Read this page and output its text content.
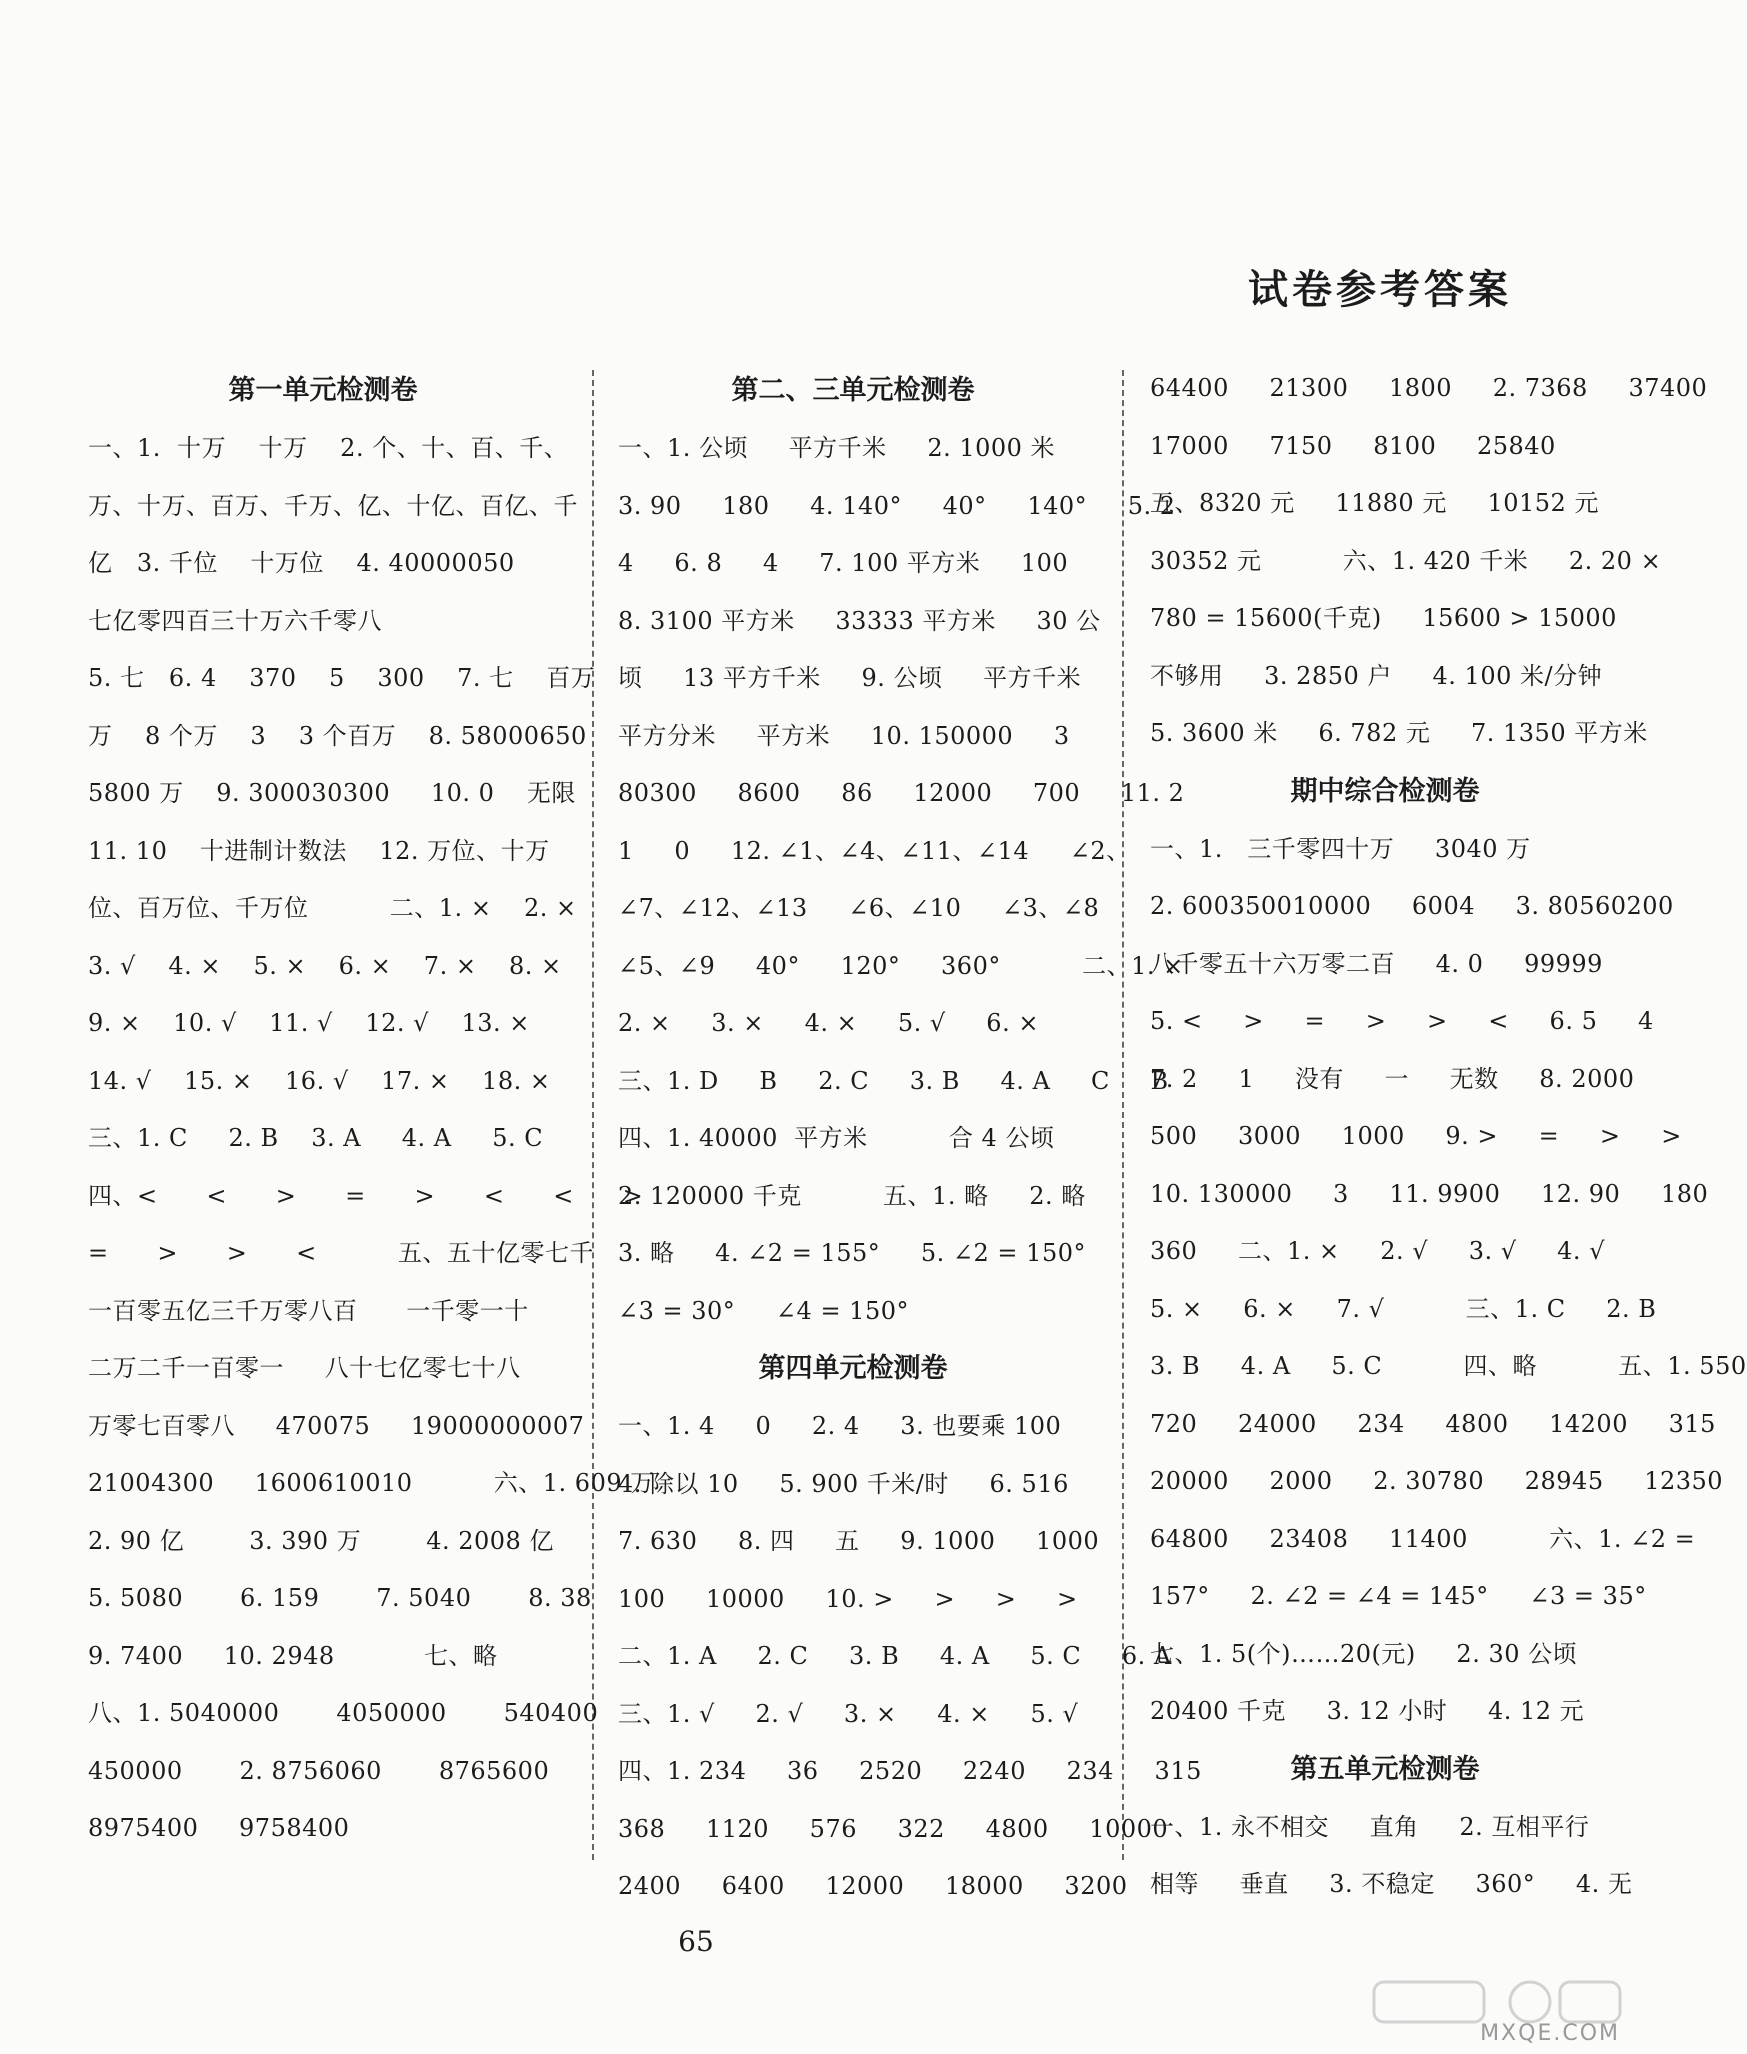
试卷参考答案
第一单元检测卷
一、1.  十万    十万    2. 个、十、百、千、
万、十万、百万、千万、亿、十亿、百亿、千
亿   3. 千位    十万位    4. 40000050
七亿零四百三十万六千零八
5. 七   6. 4    370    5    300    7. 七    百万
万    8 个万    3    3 个百万    8. 58000650
5800 万    9. 300030300     10. 0    无限
11. 10    十进制计数法    12. 万位、十万
位、百万位、千万位          二、1. ×    2. ×
3. √    4. ×    5. ×    6. ×    7. ×    8. ×
9. ×    10. √    11. √    12. √    13. ×
14. √    15. ×    16. √    17. ×    18. ×
三、1. C     2. B    3. A     4. A     5. C
四、<      <      >      =      >      <      <      >
=      >      >      <          五、五十亿零七千
一百零五亿三千万零八百      一千零一十
二万二千一百零一     八十七亿零七十八
万零七百零八     470075     19000000007
21004300     1600610010          六、1. 609 万
2. 90 亿        3. 390 万        4. 2008 亿
5. 5080       6. 159       7. 5040       8. 38
9. 7400     10. 2948           七、略
八、1. 5040000       4050000       540400
450000       2. 8756060       8765600
8975400     9758400
第二、三单元检测卷
一、1. 公顷     平方千米     2. 1000 米
3. 90     180     4. 140°     40°     140°     5. 2
4     6. 8     4     7. 100 平方米     100
8. 3100 平方米     33333 平方米     30 公
顷     13 平方千米     9. 公顷     平方千米
平方分米     平方米     10. 150000     3
80300     8600     86     12000     700     11. 2
1     0     12. ∠1、∠4、∠11、∠14     ∠2、
∠7、∠12、∠13     ∠6、∠10     ∠3、∠8
∠5、∠9     40°     120°     360°          二、1. ×
2. ×     3. ×     4. ×     5. √     6. ×
三、1. D     B     2. C     3. B     4. A     C     B
四、1. 40000  平方米          合 4 公顷
2. 120000 千克          五、1. 略     2. 略
3. 略     4. ∠2 = 155°     5. ∠2 = 150°
∠3 = 30°     ∠4 = 150°
第四单元检测卷
一、1. 4     0     2. 4     3. 也要乘 100
4. 除以 10     5. 900 千米/时     6. 516
7. 630     8. 四     五     9. 1000     1000
100     10000     10. >     >     >     >
二、1. A     2. C     3. B     4. A     5. C     6. A
三、1. √     2. √     3. ×     4. ×     5. √
四、1. 234     36     2520     2240     234     315
368     1120     576     322     4800     10000
2400     6400     12000     18000     3200
64400     21300     1800     2. 7368     37400
17000     7150     8100     25840
五、8320 元     11880 元     10152 元
30352 元          六、1. 420 千米     2. 20 ×
780 = 15600(千克)     15600 > 15000
不够用     3. 2850 户     4. 100 米/分钟
5. 3600 米     6. 782 元     7. 1350 平方米
期中综合检测卷
一、1.   三千零四十万     3040 万
2. 600350010000     6004     3. 80560200
八千零五十六万零二百     4. 0     99999
5. <     >     =     >     >     <     6. 5     4
7. 2     1     没有     一     无数     8. 2000
500     3000     1000     9. >     =     >     >
10. 130000     3     11. 9900     12. 90     180
360     二、1. ×     2. √     3. √     4. √
5. ×     6. ×     7. √          三、1. C     2. B
3. B     4. A     5. C          四、略          五、1. 550
720     24000     234     4800     14200     315
20000     2000     2. 30780     28945     12350
64800     23408     11400          六、1. ∠2 =
157°     2. ∠2 = ∠4 = 145°     ∠3 = 35°
七、1. 5(个)……20(元)     2. 30 公顷
20400 千克     3. 12 小时     4. 12 元
第五单元检测卷
一、1. 永不相交     直角     2. 互相平行
相等     垂直     3. 不稳定     360°     4. 无
65
MXQE.COM
